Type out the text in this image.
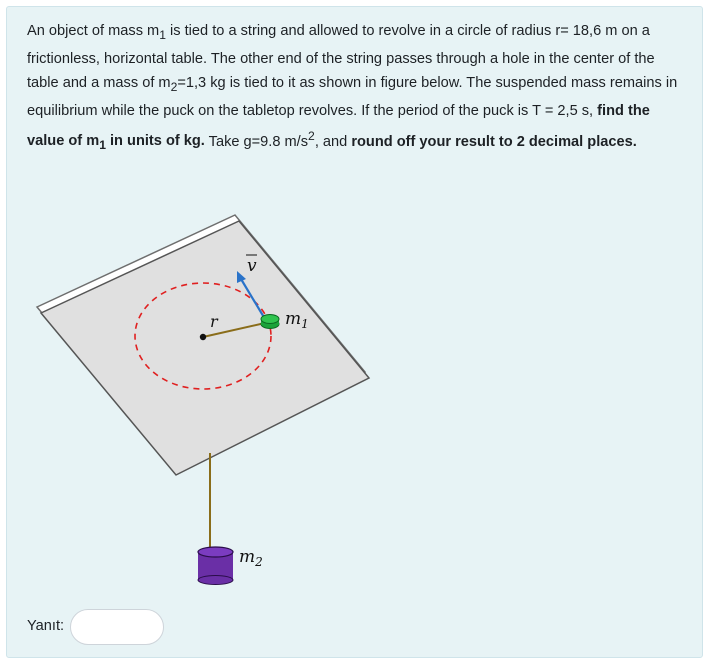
An object of mass $m_1$ is tied to a string and allowed to revolve in a circle of radius r= 18,6 m on a frictionless, horizontal table. The other end of the string passes through a hole in the center of the table and a mass of $m_2=1,3$ kg is tied to it as shown in figure below. The suspended mass remains in equilibrium while the puck on the tabletop revolves. If the period of the puck is T = 2,5 s, find the value of $m_1$ in units of kg. Take g=9.8 $m/s^2$, and round off your result to 2 decimal places.
v
r	$m_1$
$m_2$
Yanıt:
